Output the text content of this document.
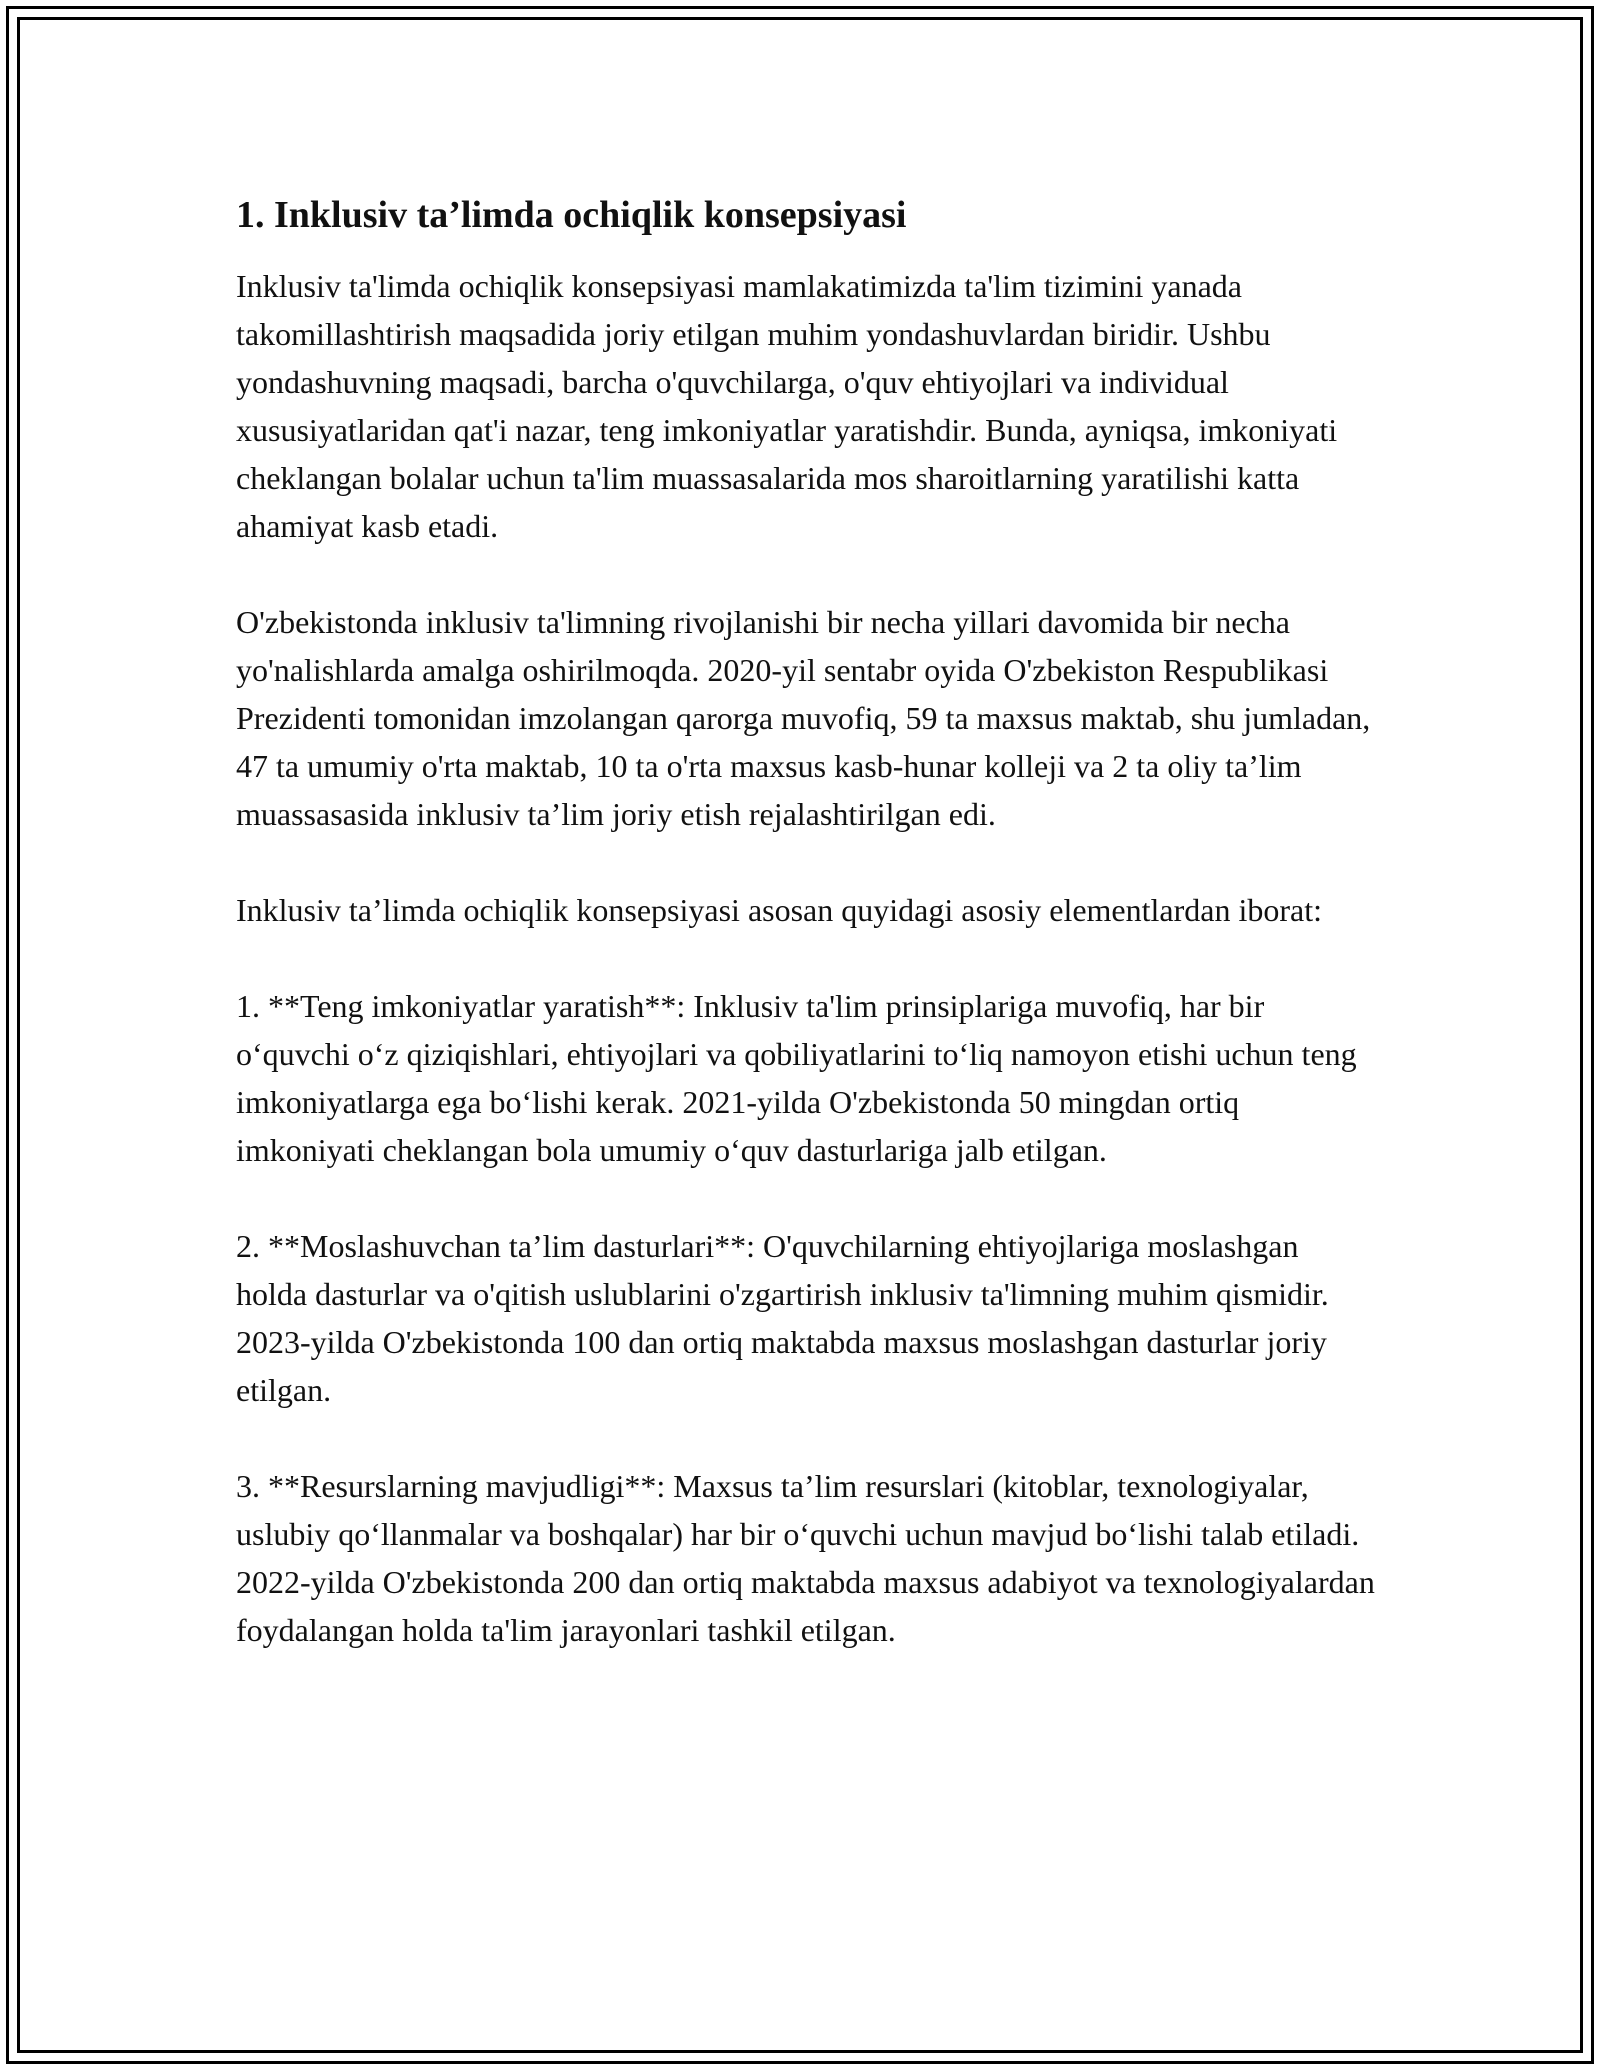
1. Inklusiv ta’limda ochiqlik konsepsiyasi

Inklusiv ta'limda ochiqlik konsepsiyasi mamlakatimizda ta'lim tizimini yanada takomillashtirish maqsadida joriy etilgan muhim yondashuvlardan biridir. Ushbu yondashuvning maqsadi, barcha o'quvchilarga, o'quv ehtiyojlari va individual xususiyatlaridan qat'i nazar, teng imkoniyatlar yaratishdir. Bunda, ayniqsa, imkoniyati cheklangan bolalar uchun ta'lim muassasalarida mos sharoitlarning yaratilishi katta ahamiyat kasb etadi.

O'zbekistonda inklusiv ta'limning rivojlanishi bir necha yillari davomida bir necha yo'nalishlarda amalga oshirilmoqda. 2020-yil sentabr oyida O'zbekiston Respublikasi Prezidenti tomonidan imzolangan qarorga muvofiq, 59 ta maxsus maktab, shu jumladan, 47 ta umumiy o'rta maktab, 10 ta o'rta maxsus kasb-hunar kolleji va 2 ta oliy ta’lim muassasasida inklusiv ta’lim joriy etish rejalashtirilgan edi.

Inklusiv ta’limda ochiqlik konsepsiyasi asosan quyidagi asosiy elementlardan iborat:

1. **Teng imkoniyatlar yaratish**: Inklusiv ta'lim prinsiplariga muvofiq, har bir o‘quvchi o‘z qiziqishlari, ehtiyojlari va qobiliyatlarini to‘liq namoyon etishi uchun teng imkoniyatlarga ega bo‘lishi kerak. 2021-yilda O'zbekistonda 50 mingdan ortiq imkoniyati cheklangan bola umumiy o‘quv dasturlariga jalb etilgan.

2. **Moslashuvchan ta’lim dasturlari**: O'quvchilarning ehtiyojlariga moslashgan holda dasturlar va o'qitish uslublarini o'zgartirish inklusiv ta'limning muhim qismidir. 2023-yilda O'zbekistonda 100 dan ortiq maktabda maxsus moslashgan dasturlar joriy etilgan.

3. **Resurslarning mavjudligi**: Maxsus ta’lim resurslari (kitoblar, texnologiyalar, uslubiy qo‘llanmalar va boshqalar) har bir o‘quvchi uchun mavjud bo‘lishi talab etiladi. 2022-yilda O'zbekistonda 200 dan ortiq maktabda maxsus adabiyot va texnologiyalardan foydalangan holda ta'lim jarayonlari tashkil etilgan.
